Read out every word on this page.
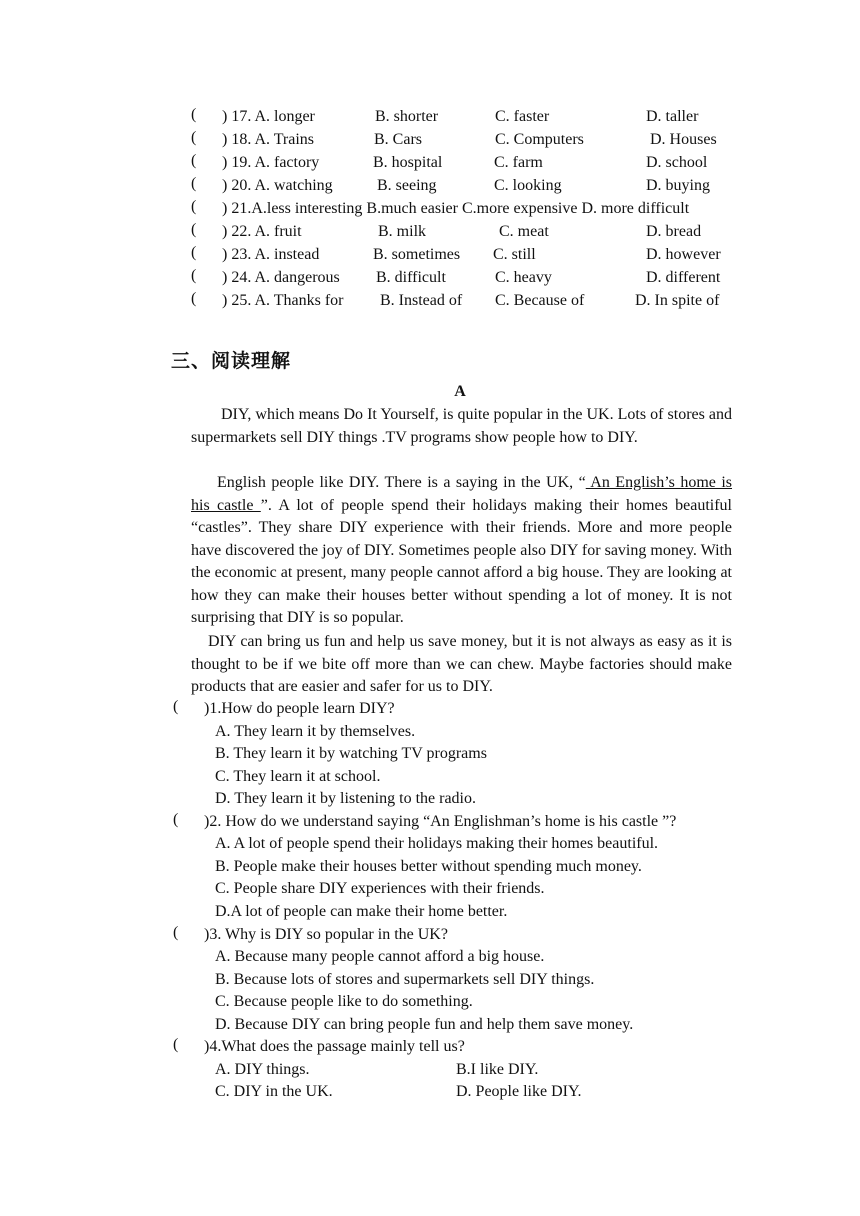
( ) 17. A. longer	B. shorter	C. faster	D. taller
( ) 18. A. Trains	B. Cars	C. Computers	D. Houses
( ) 19. A. factory	B. hospital	C. farm	D. school
( ) 20. A. watching	B. seeing	C. looking	D. buying
( ) 21.A.less interesting B.much easier C.more expensive D. more difficult
( ) 22. A. fruit	B. milk	C. meat	D. bread
( ) 23. A. instead	B. sometimes C. still	D. however
( ) 24. A. dangerous B. difficult	C. heavy	D. different
( ) 25. A. Thanks for B. Instead of C. Because of	D. In spite of
三、阅读理解
A
DIY, which means Do It Yourself, is quite popular in the UK. Lots of stores and supermarkets sell DIY things .TV programs show people how to DIY.
English people like DIY. There is a saying in the UK, “ An English’s home is his castle ”. A lot of people spend their holidays making their homes beautiful “castles”. They share DIY experience with their friends. More and more people have discovered the joy of DIY. Sometimes people also DIY for saving money. With the economic at present, many people cannot afford a big house. They are looking at how they can make their houses better without spending a lot of money. It is not surprising that DIY is so popular.
DIY can bring us fun and help us save money, but it is not always as easy as it is thought to be if we bite off more than we can chew. Maybe factories should make products that are easier and safer for us to DIY.
( )1.How do people learn DIY?
A. They learn it by themselves.
B. They learn it by watching TV programs
C. They learn it at school.
D. They learn it by listening to the radio.
( )2. How do we understand saying “An Englishman’s home is his castle ”?
A. A lot of people spend their holidays making their homes beautiful.
B. People make their houses better without spending much money.
C. People share DIY experiences with their friends.
D.A lot of people can make their home better.
( )3. Why is DIY so popular in the UK?
A. Because many people cannot afford a big house.
B. Because lots of stores and supermarkets sell DIY things.
C. Because people like to do something.
D. Because DIY can bring people fun and help them save money.
( )4.What does the passage mainly tell us?
A. DIY things.	B.I like DIY.
C. DIY in the UK.	D. People like DIY.
